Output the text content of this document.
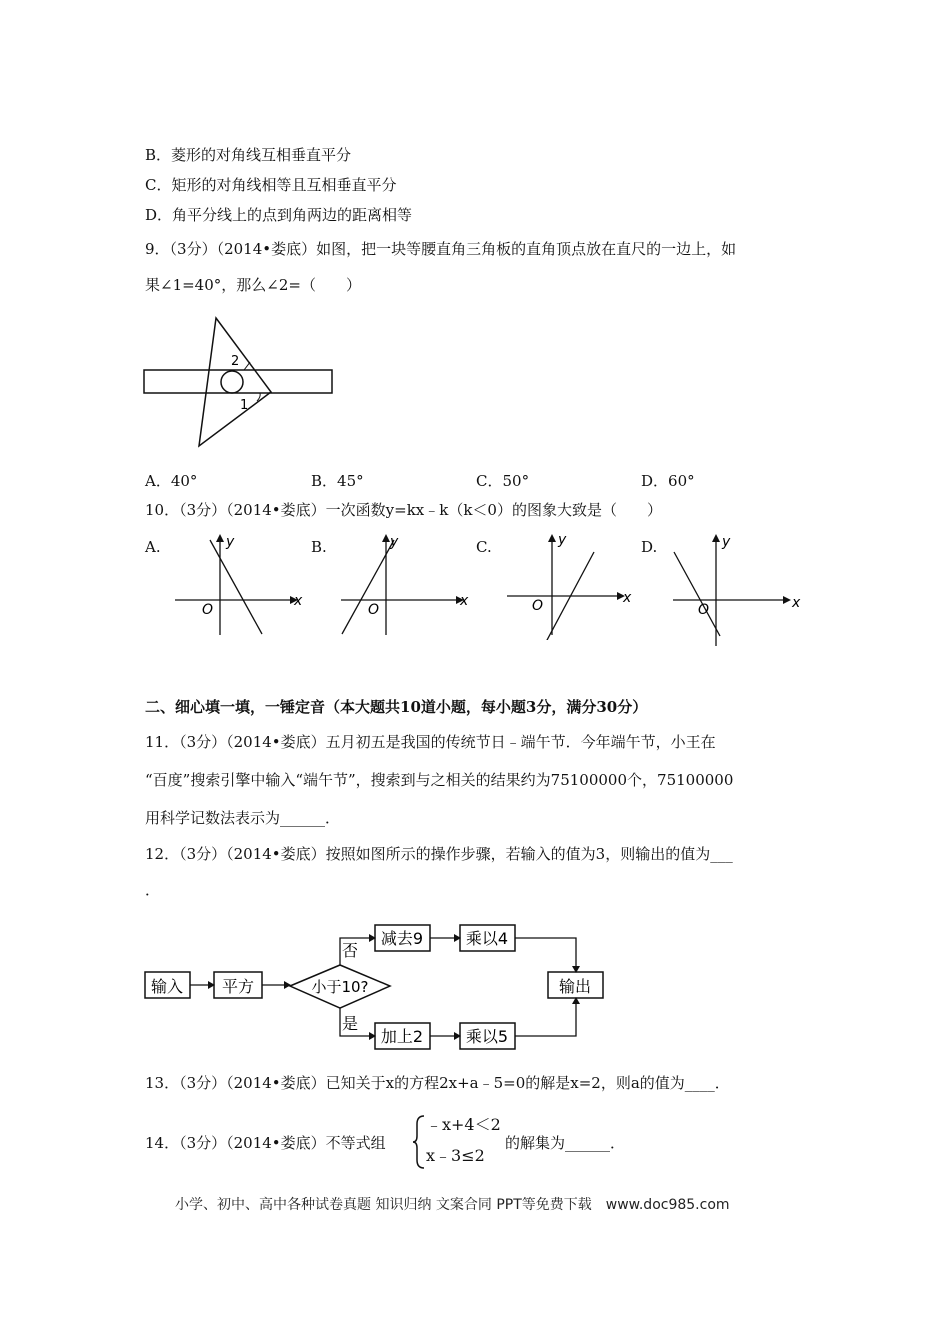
B．菱形的对角线互相垂直平分
C．矩形的对角线相等且互相垂直平分
D．角平分线上的点到角两边的距离相等
9．（3分）（2014•娄底）如图，把一块等腰直角三角板的直角顶点放在直尺的一边上，如
果∠1=40°，那么∠2=（　　）
2
1
A．40°	B．45°	C．50°	D．60°
10．（3分）（2014•娄底）一次函数y=kx﹣k（k＜0）的图象大致是（　　）
A.	B.	C.	D.
x
y
O
x
y
O
x
y
O	x
y
O
二、细心填一填，一锤定音（本大题共10道小题，每小题3分，满分30分）
11．（3分）（2014•娄底）五月初五是我国的传统节日﹣端午节．今年端午节，小王在
“百度”搜索引擎中输入“端午节”，搜索到与之相关的结果约为75100000个，75100000
用科学记数法表示为______．
12．（3分）（2014•娄底）按照如图所示的操作步骤，若输入的值为3，则输出的值为___
．
输入 平方	小于10?
否
是
减去9	乘以4
加上2	乘以5
输出
13．（3分）（2014•娄底）已知关于x的方程2x+a﹣5=0的解是x=2，则a的值为____．
14．（3分）（2014•娄底）不等式组
﹣x+4＜2
x﹣3≤2
的解集为______．
小学、初中、高中各种试卷真题 知识归纳 文案合同 PPT等免费下载　www.doc985.com
